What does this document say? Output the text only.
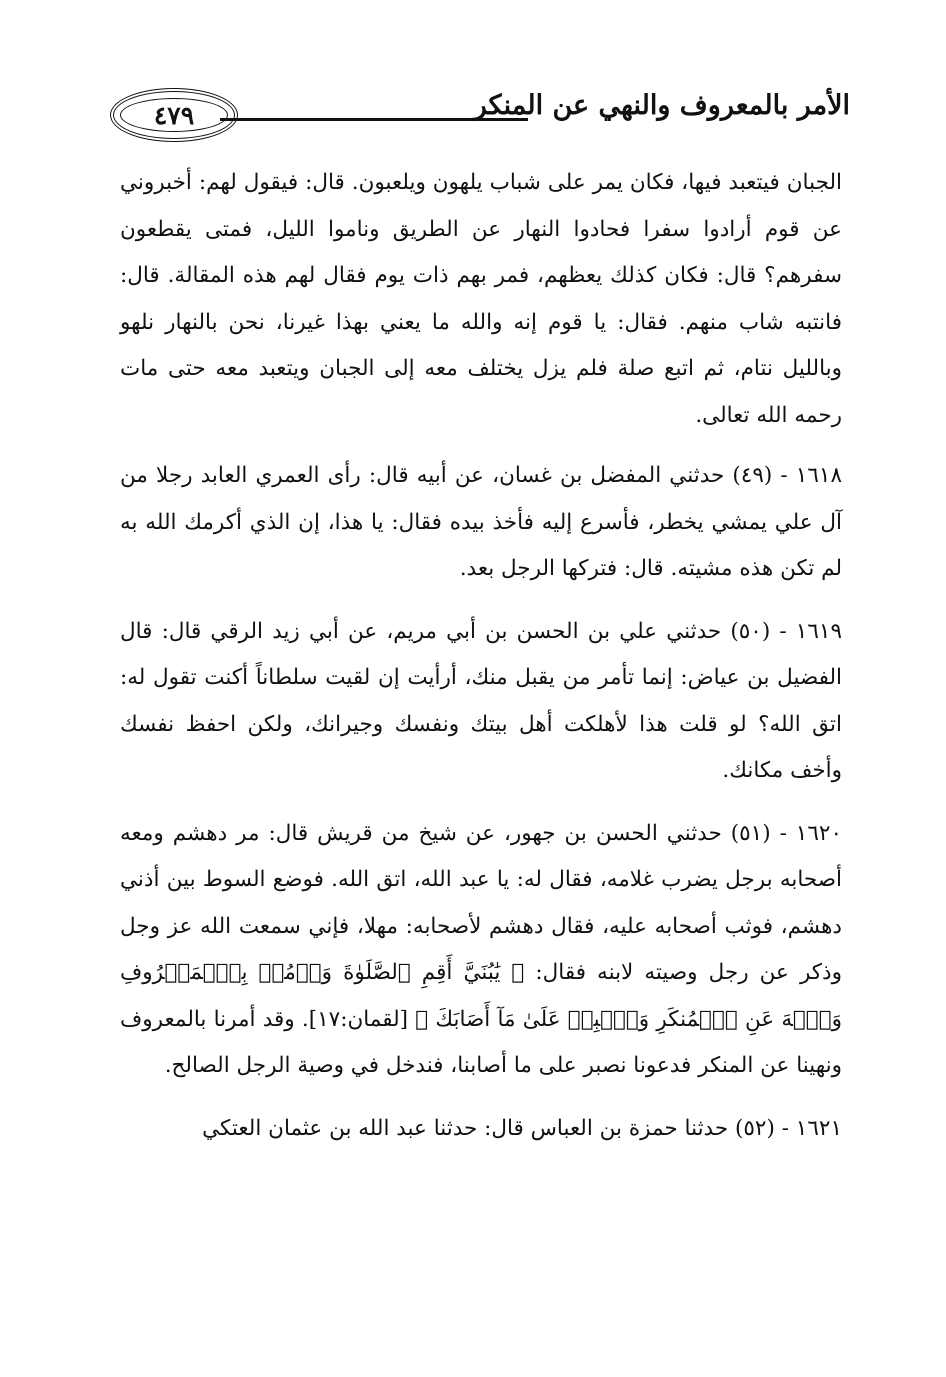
٤٧٩	الأمر بالمعروف والنهي عن المنكر

الجبان فيتعبد فيها، فكان يمر على شباب يلهون ويلعبون. قال: فيقول لهم: أخبروني عن قوم أرادوا سفرا فحادوا النهار عن الطريق وناموا الليل، فمتى يقطعون سفرهم؟ قال: فكان كذلك يعظهم، فمر بهم ذات يوم فقال لهم هذه المقالة. قال: فانتبه شاب منهم. فقال: يا قوم إنه والله ما يعني بهذا غيرنا، نحن بالنهار نلهو وبالليل نتام، ثم اتبع صلة فلم يزل يختلف معه إلى الجبان ويتعبد معه حتى مات رحمه الله تعالى.

١٦١٨ - (٤٩) حدثني المفضل بن غسان، عن أبيه قال: رأى العمري العابد رجلا من آل علي يمشي يخطر، فأسرع إليه فأخذ بيده فقال: يا هذا، إن الذي أكرمك الله به لم تكن هذه مشيته. قال: فتركها الرجل بعد.

١٦١٩ - (٥٠) حدثني علي بن الحسن بن أبي مريم، عن أبي زيد الرقي قال: قال الفضيل بن عياض: إنما تأمر من يقبل منك، أرأيت إن لقيت سلطاناً أكنت تقول له: اتق الله؟ لو قلت هذا لأهلكت أهل بيتك ونفسك وجيرانك، ولكن احفظ نفسك وأخف مكانك.

١٦٢٠ - (٥١) حدثني الحسن بن جهور، عن شيخ من قريش قال: مر دهشم ومعه أصحابه برجل يضرب غلامه، فقال له: يا عبد الله، اتق الله. فوضع السوط بين أذني دهشم، فوثب أصحابه عليه، فقال دهشم لأصحابه: مهلا، فإني سمعت الله عز وجل وذكر عن رجل وصيته لابنه فقال: ﴿ يَٰبُنَيَّ أَقِمِ ٱلصَّلَوٰةَ وَأۡمُرۡ بِٱلۡمَعۡرُوفِ وَٱنۡهَ عَنِ ٱلۡمُنكَرِ وَٱصۡبِرۡ عَلَىٰ مَآ أَصَابَكَ ﴾ [لقمان:١٧]. وقد أمرنا بالمعروف ونهينا عن المنكر فدعونا نصبر على ما أصابنا، فندخل في وصية الرجل الصالح.

١٦٢١ - (٥٢) حدثنا حمزة بن العباس قال: حدثنا عبد الله بن عثمان العتكي
